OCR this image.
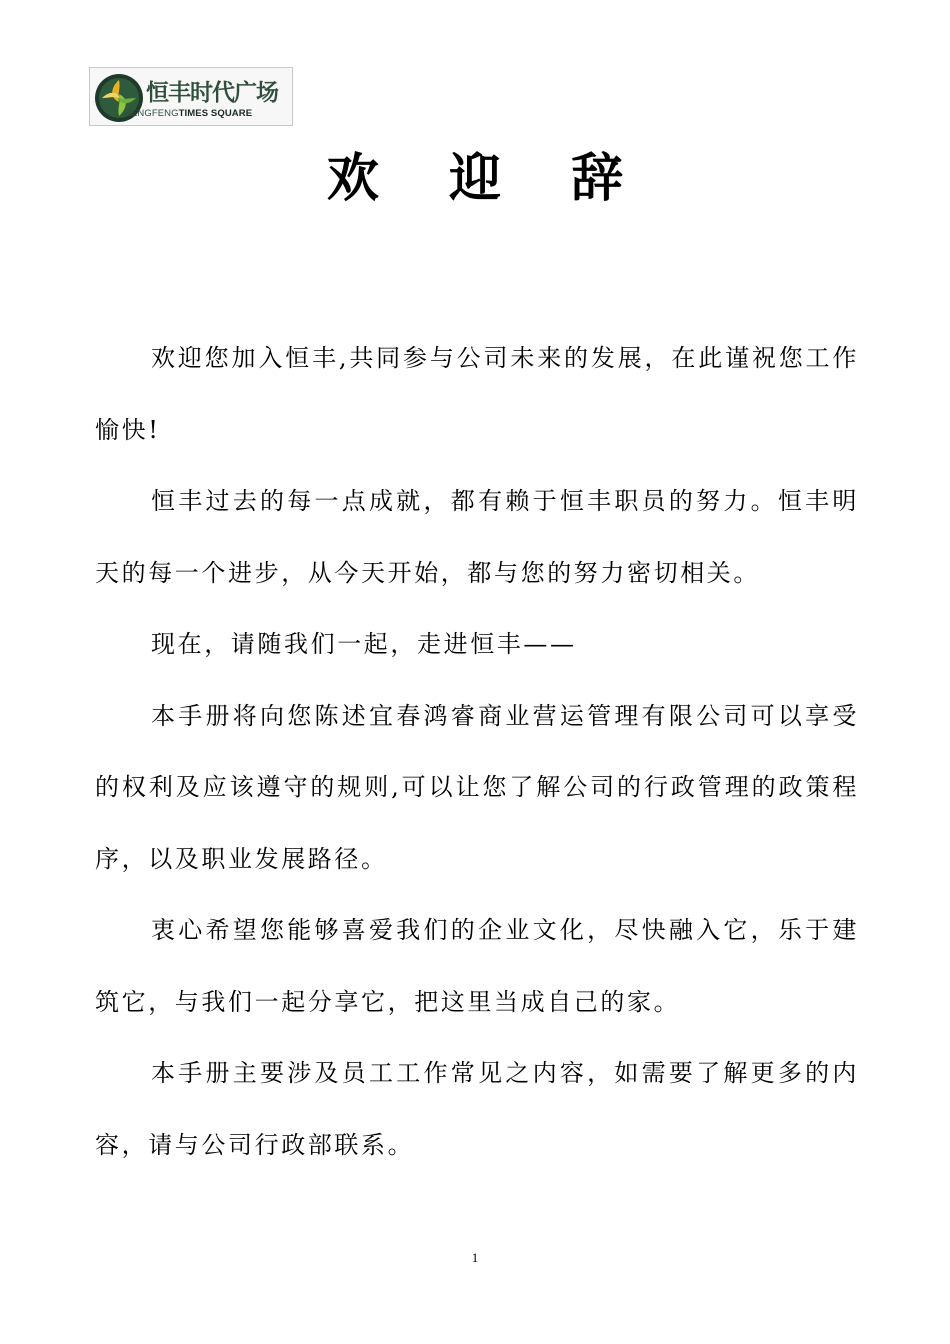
恒丰时代广场
HENGFENGTIMES SQUARE
欢 迎 辞

欢迎您加入恒丰,共同参与公司未来的发展，在此谨祝您工作愉快!

恒丰过去的每一点成就，都有赖于恒丰职员的努力。恒丰明天的每一个进步，从今天开始，都与您的努力密切相关。

现在，请随我们一起，走进恒丰——

本手册将向您陈述宜春鸿睿商业营运管理有限公司可以享受的权利及应该遵守的规则,可以让您了解公司的行政管理的政策程序，以及职业发展路径。

衷心希望您能够喜爱我们的企业文化，尽快融入它，乐于建筑它，与我们一起分享它，把这里当成自己的家。

本手册主要涉及员工工作常见之内容，如需要了解更多的内容，请与公司行政部联系。

1
